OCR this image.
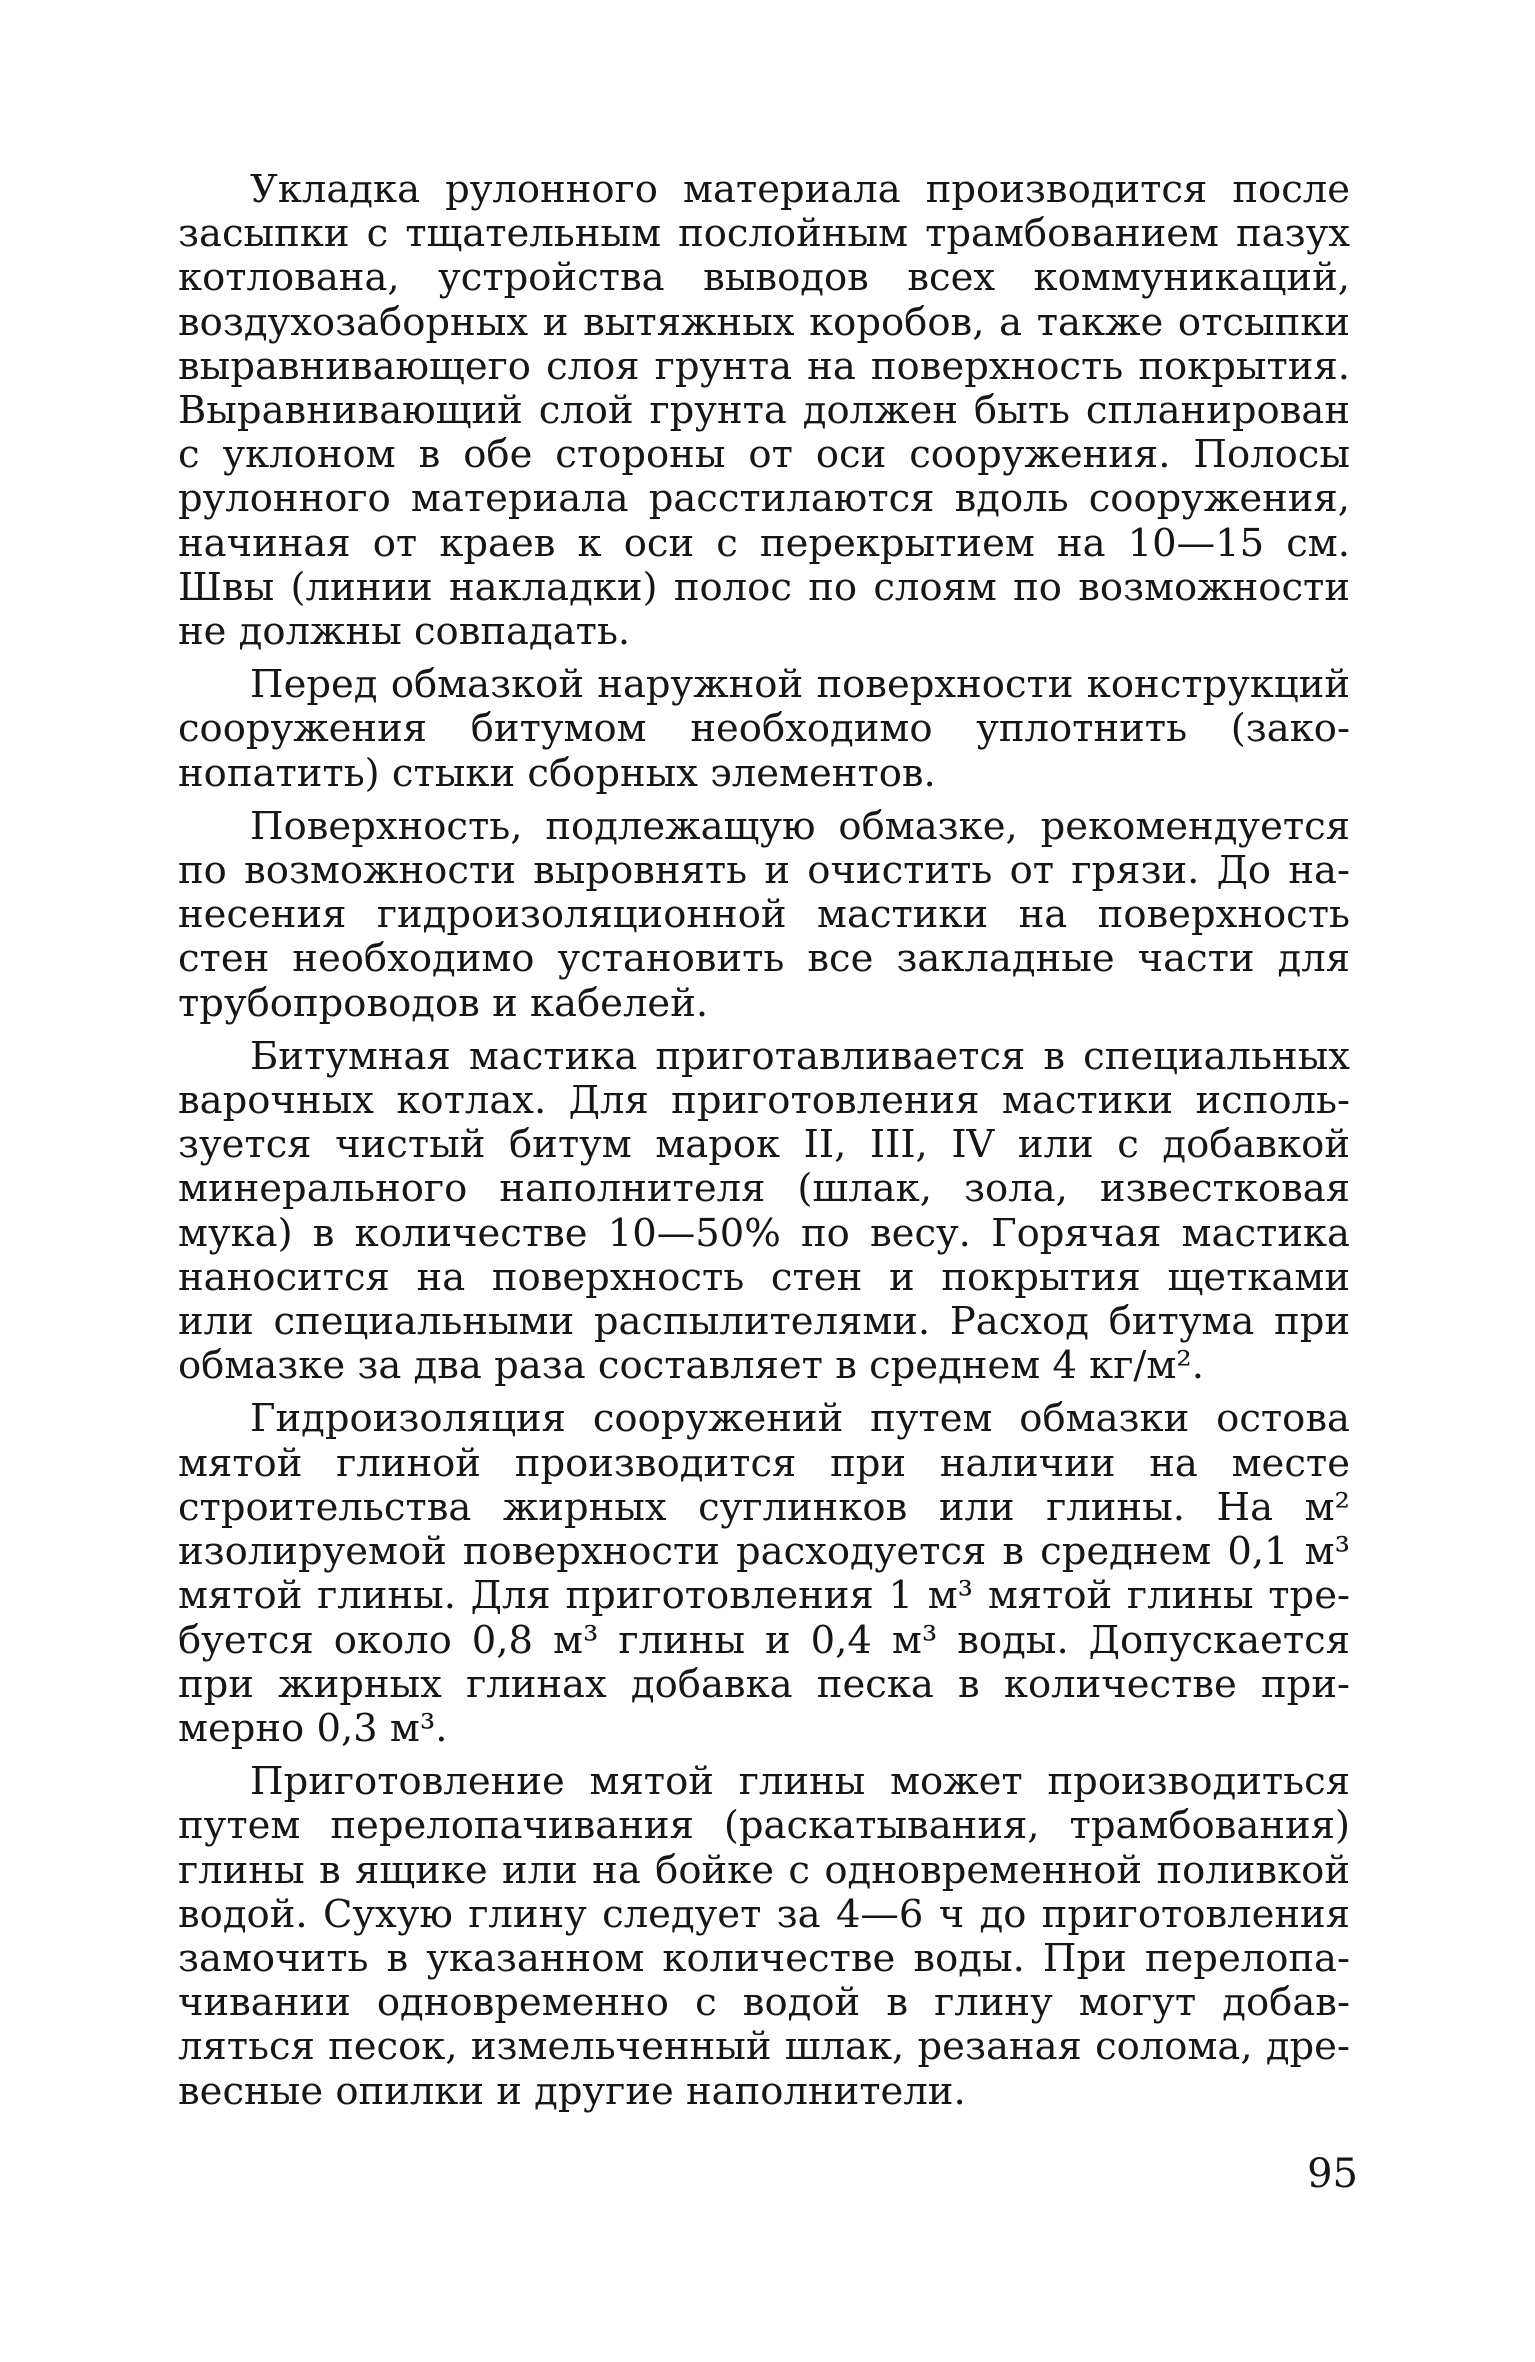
Укладка рулонного материала производится после засыпки с тщательным послойным трамбованием пазух котлована, устройства выводов всех коммуникаций, воздухозаборных и вытяжных коробов, а также отсыпки выравнивающего слоя грунта на поверхность покрытия. Выравнивающий слой грунта должен быть спланирован с уклоном в обе стороны от оси сооружения. Полосы рулонного материала расстилаются вдоль сооружения, начиная от краев к оси с перекрытием на 10—15 см. Швы (линии накладки) полос по слоям по возможности не должны совпадать.

Перед обмазкой наружной поверхности конструкций сооружения битумом необходимо уплотнить (законопатить) стыки сборных элементов.

Поверхность, подлежащую обмазке, рекомендуется по возможности выровнять и очистить от грязи. До нанесения гидроизоляционной мастики на поверхность стен необходимо установить все закладные части для трубопроводов и кабелей.

Битумная мастика приготавливается в специальных варочных котлах. Для приготовления мастики используется чистый битум марок II, III, IV или с добавкой минерального наполнителя (шлак, зола, известковая мука) в количестве 10—50% по весу. Горячая мастика наносится на поверхность стен и покрытия щетками или специальными распылителями. Расход битума при обмазке за два раза составляет в среднем 4 кг/м².

Гидроизоляция сооружений путем обмазки остова мятой глиной производится при наличии на месте строительства жирных суглинков или глины. На м² изолируемой поверхности расходуется в среднем 0,1 м³ мятой глины. Для приготовления 1 м³ мятой глины требуется около 0,8 м³ глины и 0,4 м³ воды. Допускается при жирных глинах добавка песка в количестве примерно 0,3 м³.

Приготовление мятой глины может производиться путем перелопачивания (раскатывания, трамбования) глины в ящике или на бойке с одновременной поливкой водой. Сухую глину следует за 4—6 ч до приготовления замочить в указанном количестве воды. При перелопачивании одновременно с водой в глину могут добавляться песок, измельченный шлак, резаная солома, древесные опилки и другие наполнители.

95
